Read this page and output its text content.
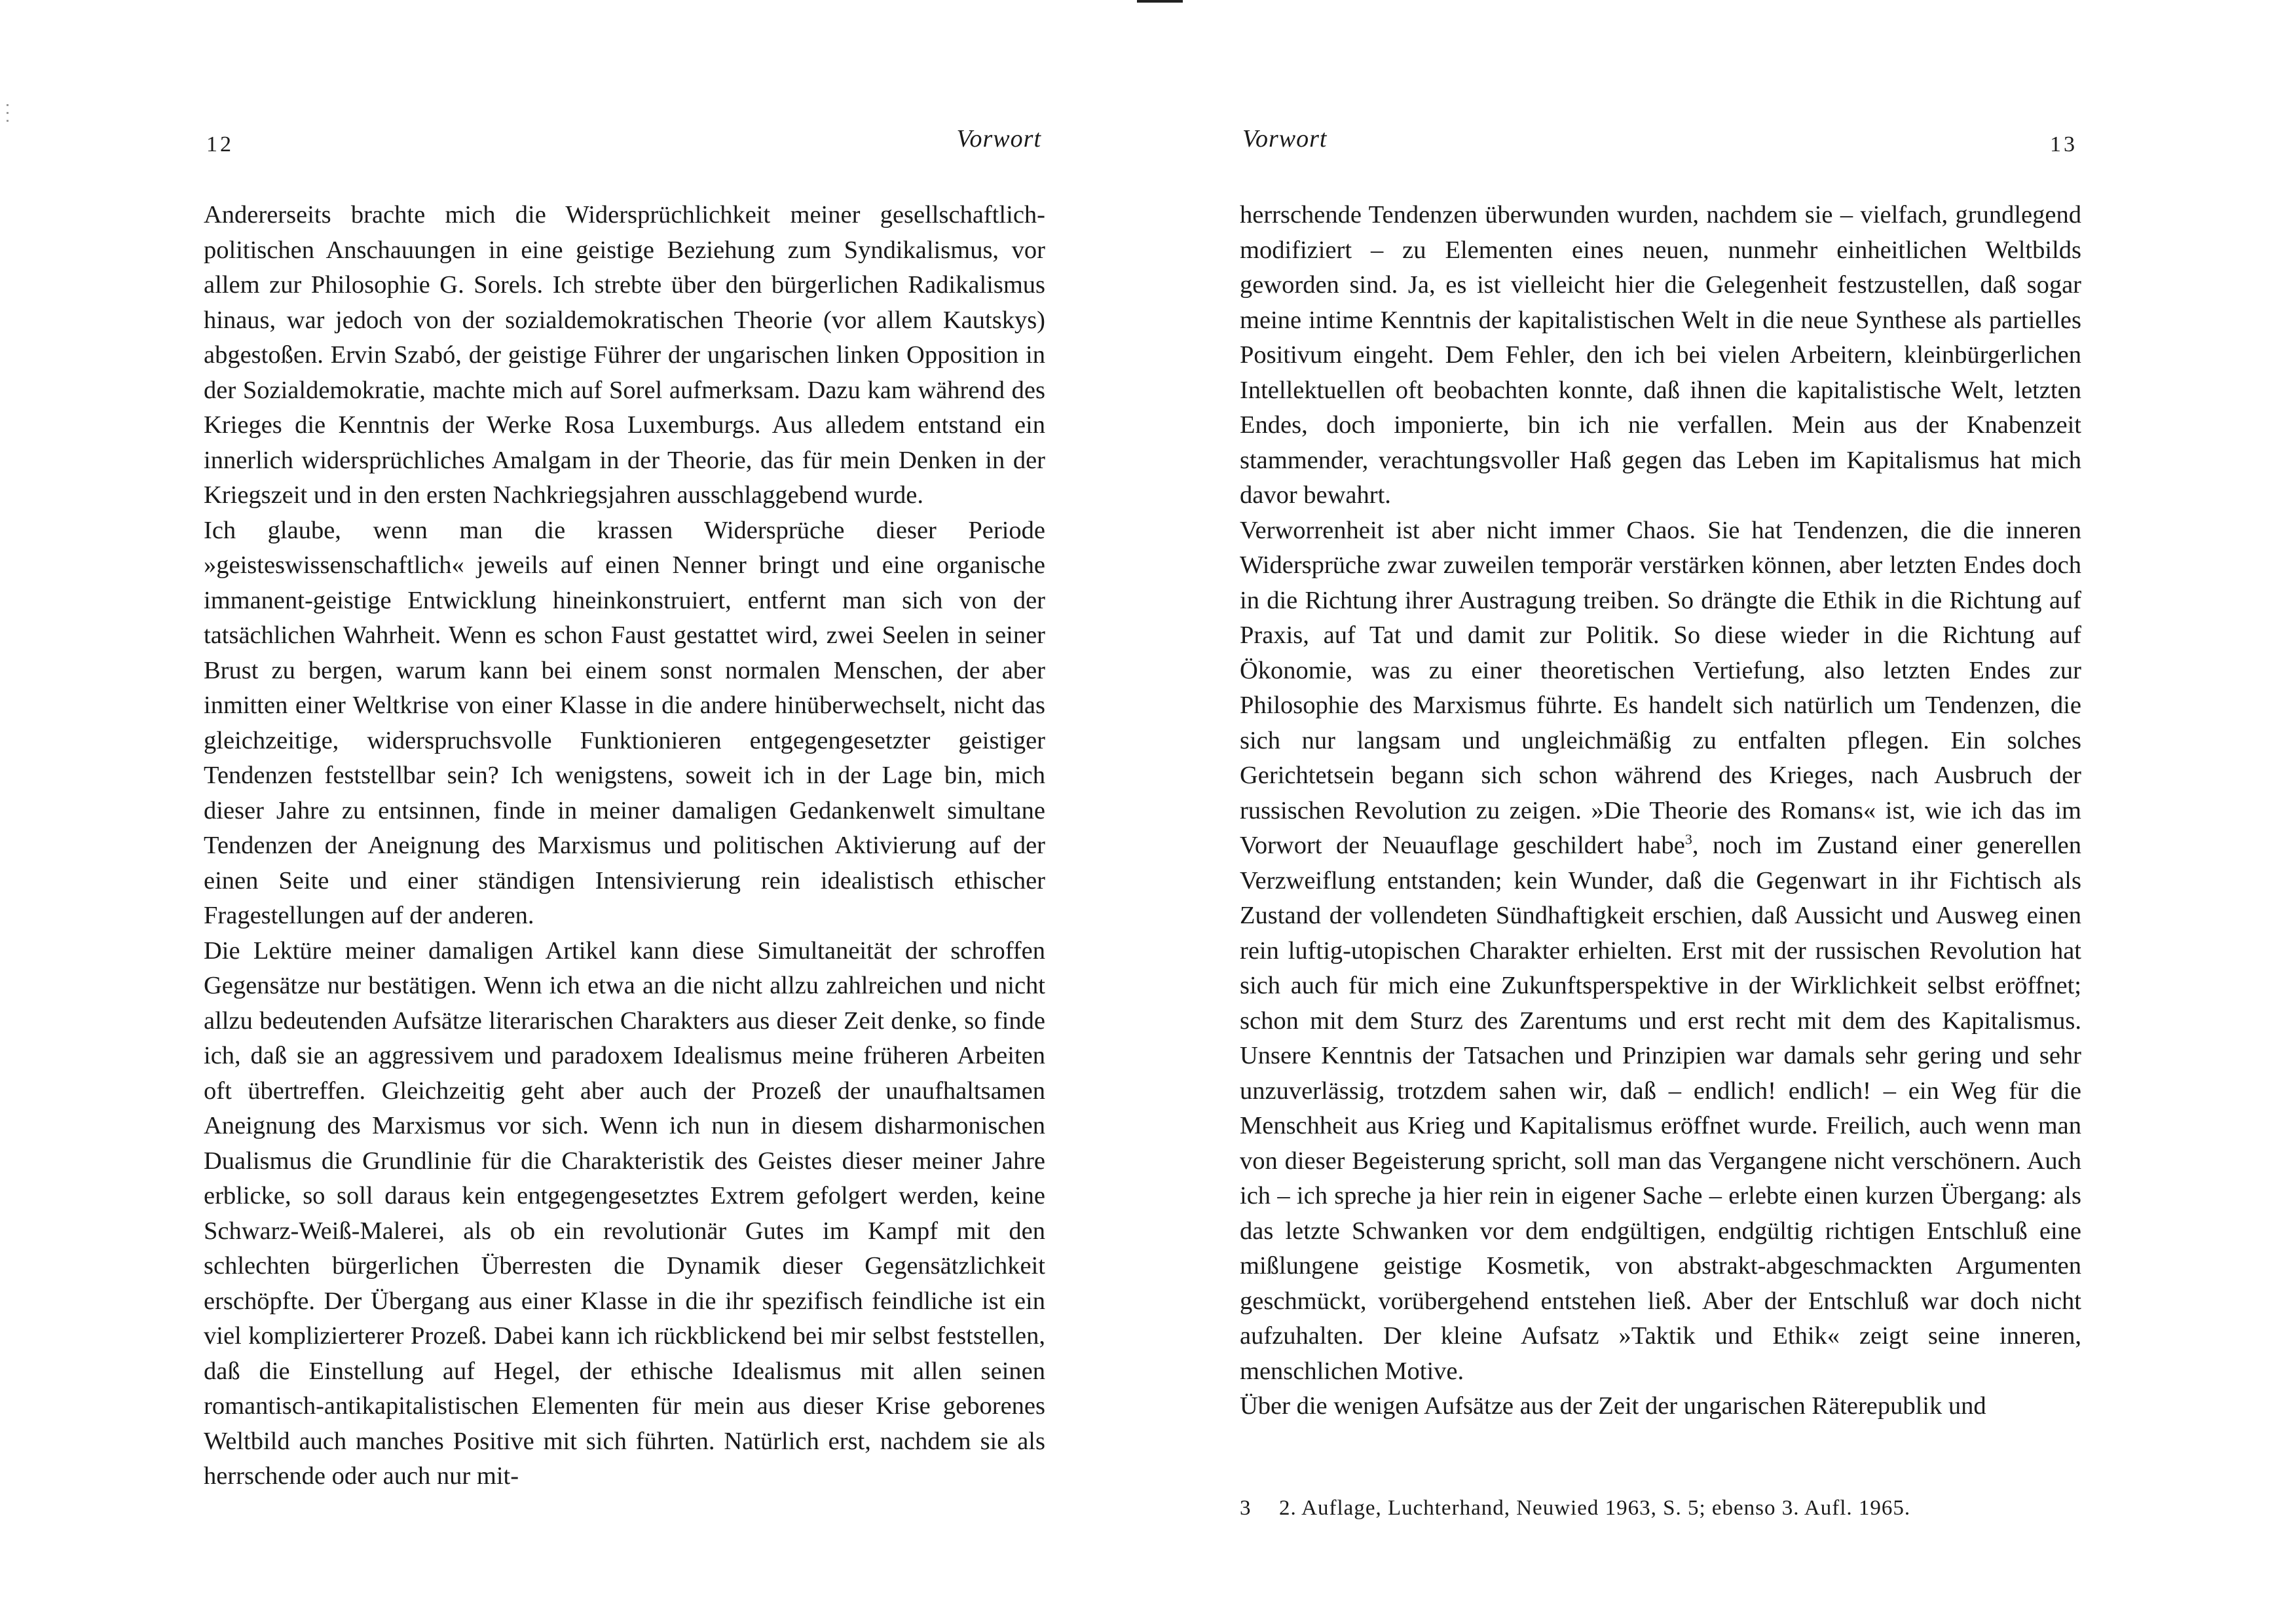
12	Vorwort

Andererseits brachte mich die Widersprüchlichkeit meiner gesellschaftlich-politischen Anschauungen in eine geistige Beziehung zum Syndikalismus, vor allem zur Philosophie G. Sorels. Ich strebte über den bürgerlichen Radikalismus hinaus, war jedoch von der sozialdemokratischen Theorie (vor allem Kautskys) abgestoßen. Ervin Szabó, der geistige Führer der ungarischen linken Opposition in der Sozialdemokratie, machte mich auf Sorel aufmerksam. Dazu kam während des Krieges die Kenntnis der Werke Rosa Luxemburgs. Aus alledem entstand ein innerlich widersprüchliches Amalgam in der Theorie, das für mein Denken in der Kriegszeit und in den ersten Nachkriegsjahren ausschlaggebend wurde.

Ich glaube, wenn man die krassen Widersprüche dieser Periode »geisteswissenschaftlich« jeweils auf einen Nenner bringt und eine organische immanent-geistige Entwicklung hineinkonstruiert, entfernt man sich von der tatsächlichen Wahrheit. Wenn es schon Faust gestattet wird, zwei Seelen in seiner Brust zu bergen, warum kann bei einem sonst normalen Menschen, der aber inmitten einer Weltkrise von einer Klasse in die andere hinüberwechselt, nicht das gleichzeitige, widerspruchsvolle Funktionieren entgegengesetzter geistiger Tendenzen feststellbar sein? Ich wenigstens, soweit ich in der Lage bin, mich dieser Jahre zu entsinnen, finde in meiner damaligen Gedankenwelt simultane Tendenzen der Aneignung des Marxismus und politischen Aktivierung auf der einen Seite und einer ständigen Intensivierung rein idealistisch ethischer Fragestellungen auf der anderen.

Die Lektüre meiner damaligen Artikel kann diese Simultaneität der schroffen Gegensätze nur bestätigen. Wenn ich etwa an die nicht allzu zahlreichen und nicht allzu bedeutenden Aufsätze literarischen Charakters aus dieser Zeit denke, so finde ich, daß sie an aggressivem und paradoxem Idealismus meine früheren Arbeiten oft übertreffen. Gleichzeitig geht aber auch der Prozeß der unaufhaltsamen Aneignung des Marxismus vor sich. Wenn ich nun in diesem disharmonischen Dualismus die Grundlinie für die Charakteristik des Geistes dieser meiner Jahre erblicke, so soll daraus kein entgegengesetztes Extrem gefolgert werden, keine Schwarz-Weiß-Malerei, als ob ein revolutionär Gutes im Kampf mit den schlechten bürgerlichen Überresten die Dynamik dieser Gegensätzlichkeit erschöpfte. Der Übergang aus einer Klasse in die ihr spezifisch feindliche ist ein viel komplizierterer Prozeß. Dabei kann ich rückblickend bei mir selbst feststellen, daß die Einstellung auf Hegel, der ethische Idealismus mit allen seinen romantisch-antikapitalistischen Elementen für mein aus dieser Krise geborenes Weltbild auch manches Positive mit sich führten. Natürlich erst, nachdem sie als herrschende oder auch nur mit-

Vorwort	13

herrschende Tendenzen überwunden wurden, nachdem sie – vielfach, grundlegend modifiziert – zu Elementen eines neuen, nunmehr einheitlichen Weltbilds geworden sind. Ja, es ist vielleicht hier die Gelegenheit festzustellen, daß sogar meine intime Kenntnis der kapitalistischen Welt in die neue Synthese als partielles Positivum eingeht. Dem Fehler, den ich bei vielen Arbeitern, kleinbürgerlichen Intellektuellen oft beobachten konnte, daß ihnen die kapitalistische Welt, letzten Endes, doch imponierte, bin ich nie verfallen. Mein aus der Knabenzeit stammender, verachtungsvoller Haß gegen das Leben im Kapitalismus hat mich davor bewahrt.

Verworrenheit ist aber nicht immer Chaos. Sie hat Tendenzen, die die inneren Widersprüche zwar zuweilen temporär verstärken können, aber letzten Endes doch in die Richtung ihrer Austragung treiben. So drängte die Ethik in die Richtung auf Praxis, auf Tat und damit zur Politik. So diese wieder in die Richtung auf Ökonomie, was zu einer theoretischen Vertiefung, also letzten Endes zur Philosophie des Marxismus führte. Es handelt sich natürlich um Tendenzen, die sich nur langsam und ungleichmäßig zu entfalten pflegen. Ein solches Gerichtetsein begann sich schon während des Krieges, nach Ausbruch der russischen Revolution zu zeigen. »Die Theorie des Romans« ist, wie ich das im Vorwort der Neuauflage geschildert habe$^3$, noch im Zustand einer generellen Verzweiflung entstanden; kein Wunder, daß die Gegenwart in ihr Fichtisch als Zustand der vollendeten Sündhaftigkeit erschien, daß Aussicht und Ausweg einen rein luftig-utopischen Charakter erhielten. Erst mit der russischen Revolution hat sich auch für mich eine Zukunftsperspektive in der Wirklichkeit selbst eröffnet; schon mit dem Sturz des Zarentums und erst recht mit dem des Kapitalismus. Unsere Kenntnis der Tatsachen und Prinzipien war damals sehr gering und sehr unzuverlässig, trotzdem sahen wir, daß – endlich! endlich! – ein Weg für die Menschheit aus Krieg und Kapitalismus eröffnet wurde. Freilich, auch wenn man von dieser Begeisterung spricht, soll man das Vergangene nicht verschönern. Auch ich – ich spreche ja hier rein in eigener Sache – erlebte einen kurzen Übergang: als das letzte Schwanken vor dem endgültigen, endgültig richtigen Entschluß eine mißlungene geistige Kosmetik, von abstrakt-abgeschmackten Argumenten geschmückt, vorübergehend entstehen ließ. Aber der Entschluß war doch nicht aufzuhalten. Der kleine Aufsatz »Taktik und Ethik« zeigt seine inneren, menschlichen Motive.

Über die wenigen Aufsätze aus der Zeit der ungarischen Räterepublik und

3 2. Auflage, Luchterhand, Neuwied 1963, S. 5; ebenso 3. Aufl. 1965.
